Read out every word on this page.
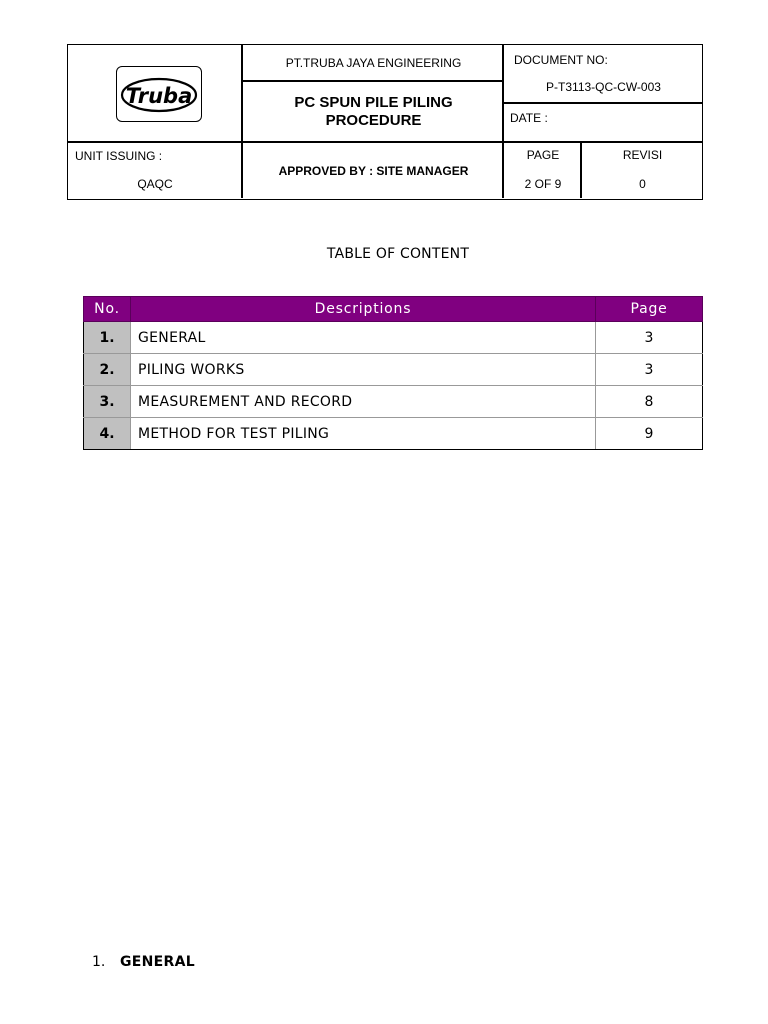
Truba
PT.TRUBA JAYA ENGINEERING
PC SPUN PILE PILING
PROCEDURE
DOCUMENT NO:
P-T3113-QC-CW-003
DATE :
UNIT ISSUING :
QAQC
APPROVED BY : SITE MANAGER
PAGE
2 OF 9
REVISI
0
TABLE OF CONTENT
No.	Descriptions	Page
1.	GENERAL	3
2.	PILING WORKS	3
3.	MEASUREMENT AND RECORD	8
4.	METHOD FOR TEST PILING	9
1. GENERAL
